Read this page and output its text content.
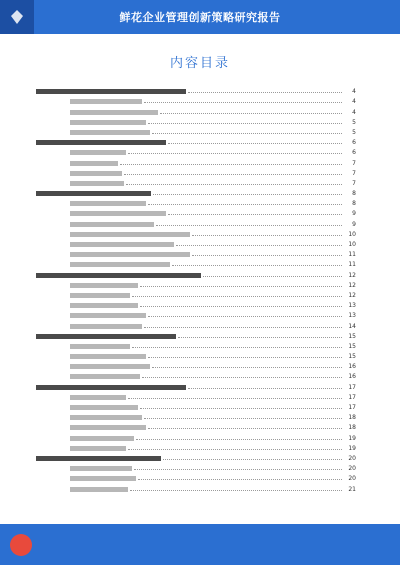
鲜花企业管理创新策略研究报告
内容目录
4
4
4
5
5
6
6
7
7
7
8
8
9
9
10
10
11
11
12
12
12
13
13
14
15
15
15
16
16
17
17
17
18
18
19
19
20
20
20
21
